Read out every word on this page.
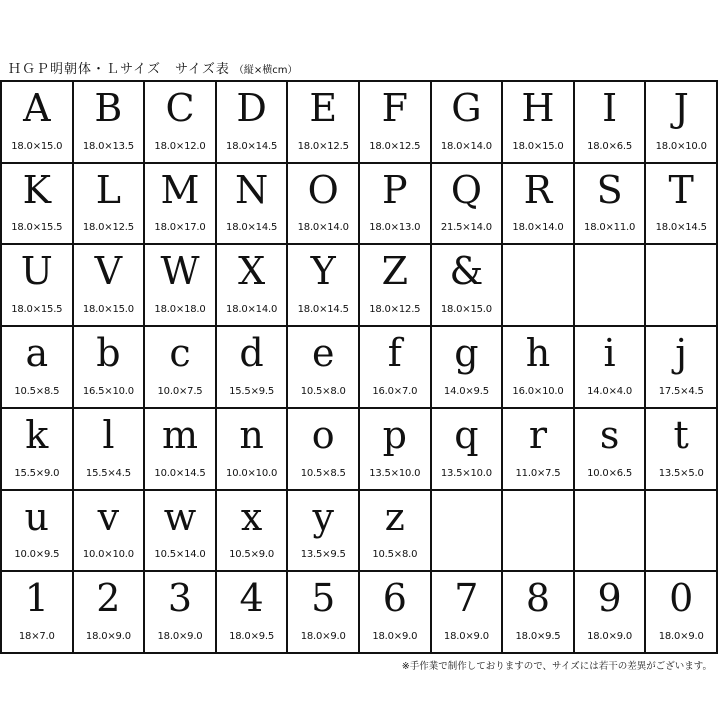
ＨＧＰ明朝体・Ｌサイズ　サイズ表 （縦×横cm）
A
18.0×15.0
B
18.0×13.5
C
18.0×12.0
D
18.0×14.5
E
18.0×12.5
F
18.0×12.5
G
18.0×14.0
H
18.0×15.0
I
18.0×6.5
J
18.0×10.0
K
18.0×15.5
L
18.0×12.5
M
18.0×17.0
N
18.0×14.5
O
18.0×14.0
P
18.0×13.0
Q
21.5×14.0
R
18.0×14.0
S
18.0×11.0
T
18.0×14.5
U
18.0×15.5
V
18.0×15.0
W
18.0×18.0
X
18.0×14.0
Y
18.0×14.5
Z
18.0×12.5
&
18.0×15.0
a
10.5×8.5
b
16.5×10.0
c
10.0×7.5
d
15.5×9.5
e
10.5×8.0
f
16.0×7.0
g
14.0×9.5
h
16.0×10.0
i
14.0×4.0
j
17.5×4.5
k
15.5×9.0
l
15.5×4.5
m
10.0×14.5
n
10.0×10.0
o
10.5×8.5
p
13.5×10.0
q
13.5×10.0
r
11.0×7.5
s
10.0×6.5
t
13.5×5.0
u
10.0×9.5
v
10.0×10.0
w
10.5×14.0
x
10.5×9.0
y
13.5×9.5
z
10.5×8.0
1
18×7.0
2
18.0×9.0
3
18.0×9.0
4
18.0×9.5
5
18.0×9.0
6
18.0×9.0
7
18.0×9.0
8
18.0×9.5
9
18.0×9.0
0
18.0×9.0
※手作業で制作しておりますので、サイズには若干の差異がございます。
